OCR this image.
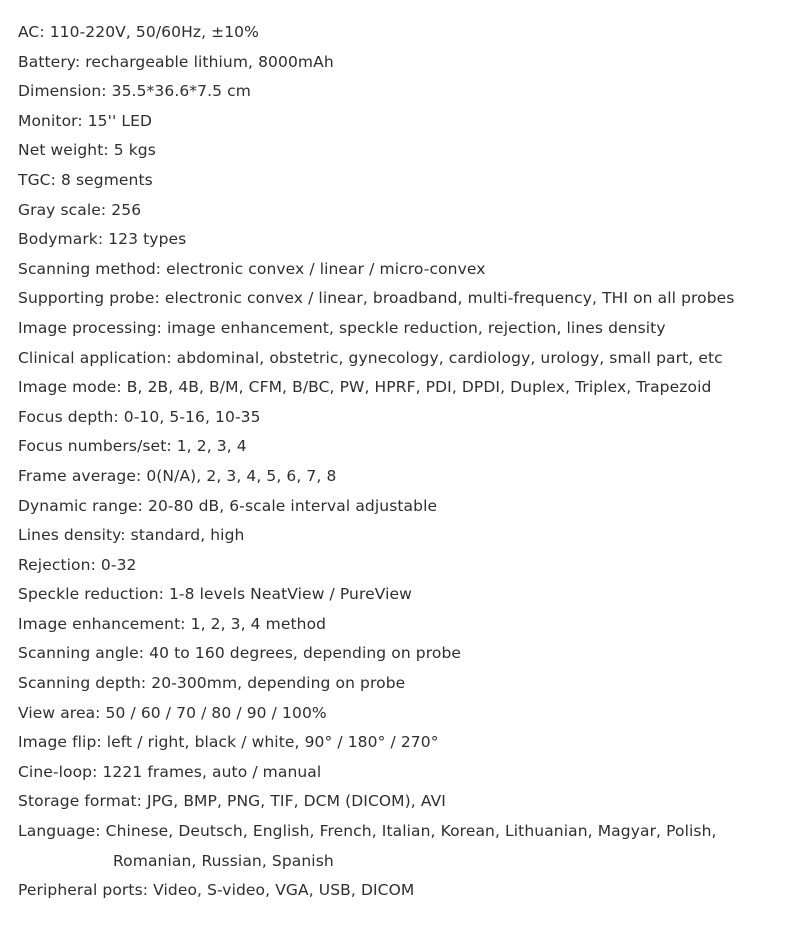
AC: 110-220V, 50/60Hz, ±10%
Battery: rechargeable lithium, 8000mAh
Dimension: 35.5*36.6*7.5 cm
Monitor: 15'' LED
Net weight: 5 kgs
TGC: 8 segments
Gray scale: 256
Bodymark: 123 types
Scanning method: electronic convex / linear / micro-convex
Supporting probe: electronic convex / linear, broadband, multi-frequency, THI on all probes
Image processing: image enhancement, speckle reduction, rejection, lines density
Clinical application: abdominal, obstetric, gynecology, cardiology, urology, small part, etc
Image mode: B, 2B, 4B, B/M, CFM, B/BC, PW, HPRF, PDI, DPDI, Duplex, Triplex, Trapezoid
Focus depth: 0-10, 5-16, 10-35
Focus numbers/set: 1, 2, 3, 4
Frame average: 0(N/A), 2, 3, 4, 5, 6, 7, 8
Dynamic range: 20-80 dB, 6-scale interval adjustable
Lines density: standard, high
Rejection: 0-32
Speckle reduction: 1-8 levels NeatView / PureView
Image enhancement: 1, 2, 3, 4 method
Scanning angle: 40 to 160 degrees, depending on probe
Scanning depth: 20-300mm, depending on probe
View area: 50 / 60 / 70 / 80 / 90 / 100%
Image flip: left / right, black / white, 90° / 180° / 270°
Cine-loop: 1221 frames, auto / manual
Storage format: JPG, BMP, PNG, TIF, DCM (DICOM), AVI
Language: Chinese, Deutsch, English, French, Italian, Korean, Lithuanian, Magyar, Polish,
Romanian, Russian, Spanish
Peripheral ports: Video, S-video, VGA, USB, DICOM
